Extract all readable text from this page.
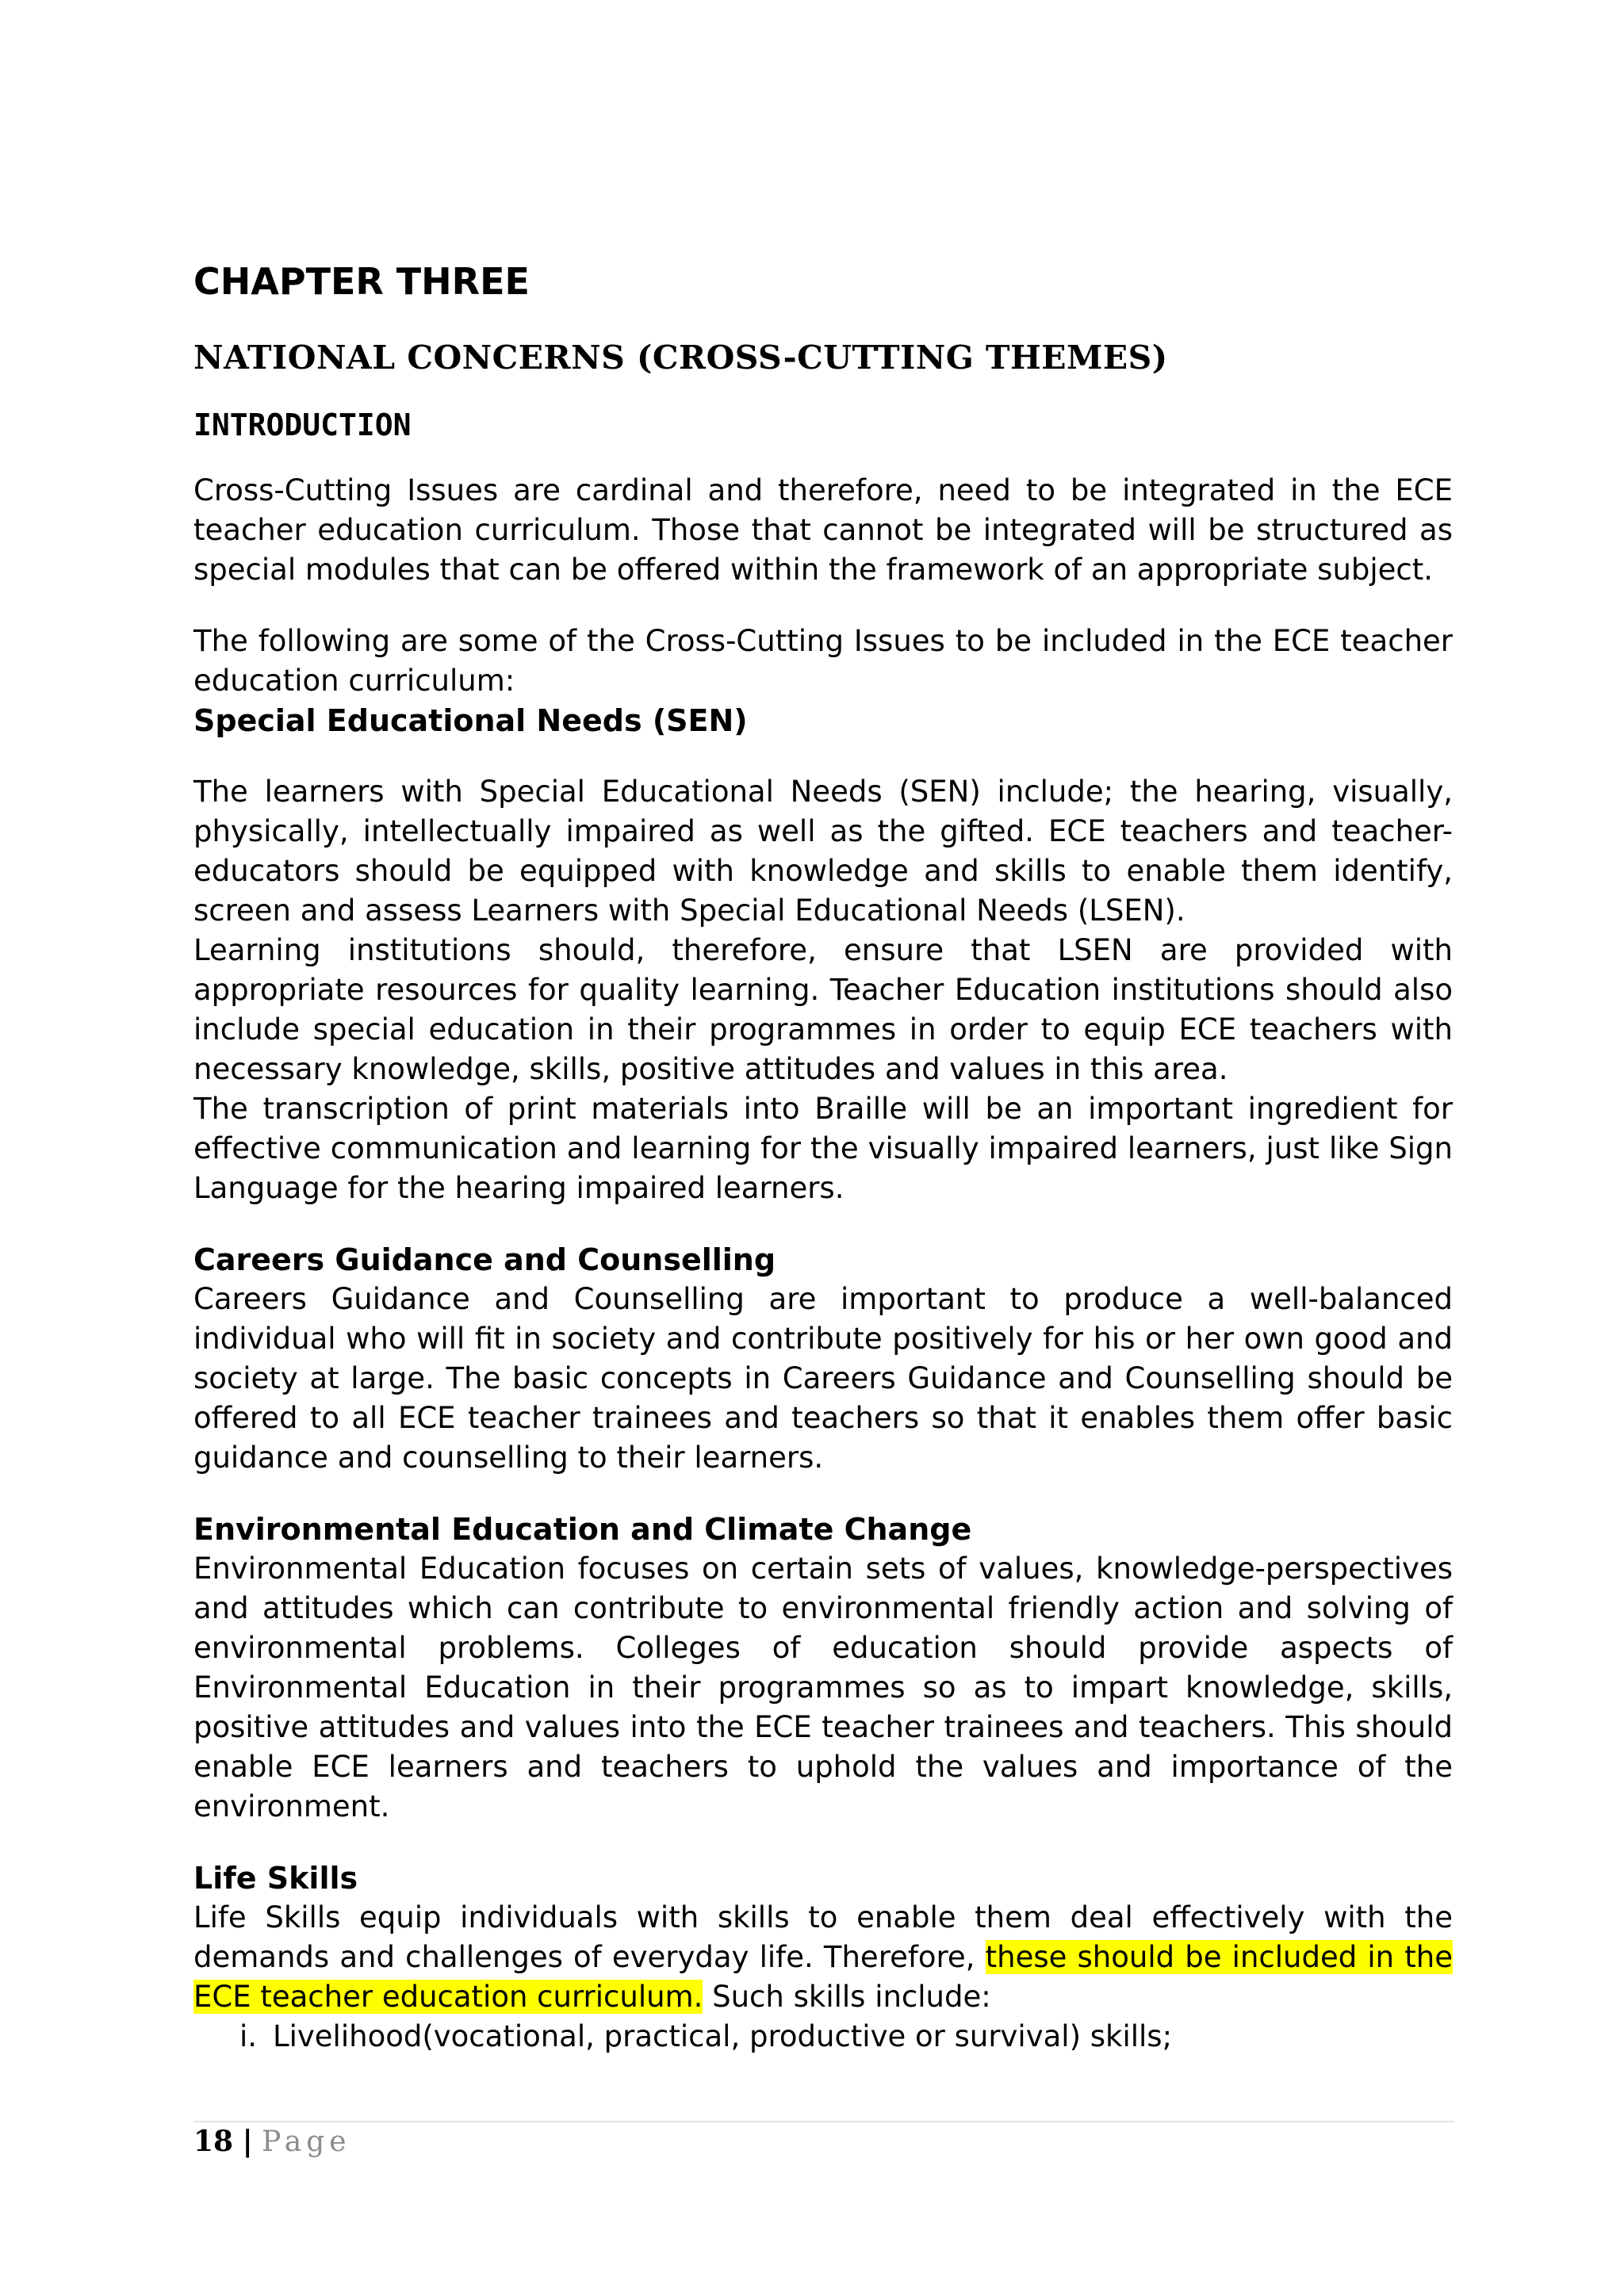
CHAPTER THREE
NATIONAL CONCERNS (CROSS-CUTTING THEMES)
INTRODUCTION

Cross-Cutting Issues are cardinal and therefore, need to be integrated in the ECE teacher education curriculum. Those that cannot be integrated will be structured as special modules that can be offered within the framework of an appropriate subject.

The following are some of the Cross-Cutting Issues to be included in the ECE teacher education curriculum:

Special Educational Needs (SEN)

The learners with Special Educational Needs (SEN) include; the hearing, visually, physically, intellectually impaired as well as the gifted. ECE teachers and teacher-educators should be equipped with knowledge and skills to enable them identify, screen and assess Learners with Special Educational Needs (LSEN).

Learning institutions should, therefore, ensure that LSEN are provided with appropriate resources for quality learning. Teacher Education institutions should also include special education in their programmes in order to equip ECE teachers with necessary knowledge, skills, positive attitudes and values in this area.

The transcription of print materials into Braille will be an important ingredient for effective communication and learning for the visually impaired learners, just like Sign Language for the hearing impaired learners.

Careers Guidance and Counselling

Careers Guidance and Counselling are important to produce a well-balanced individual who will fit in society and contribute positively for his or her own good and society at large. The basic concepts in Careers Guidance and Counselling should be offered to all ECE teacher trainees and teachers so that it enables them offer basic guidance and counselling to their learners.

Environmental Education and Climate Change

Environmental Education focuses on certain sets of values, knowledge-perspectives and attitudes which can contribute to environmental friendly action and solving of environmental problems. Colleges of education should provide aspects of Environmental Education in their programmes so as to impart knowledge, skills, positive attitudes and values into the ECE teacher trainees and teachers. This should enable ECE learners and teachers to uphold the values and importance of the environment.

Life Skills

Life Skills equip individuals with skills to enable them deal effectively with the demands and challenges of everyday life. Therefore, these should be included in the ECE teacher education curriculum. Such skills include:

i. Livelihood(vocational, practical, productive or survival) skills;
18 | Page
